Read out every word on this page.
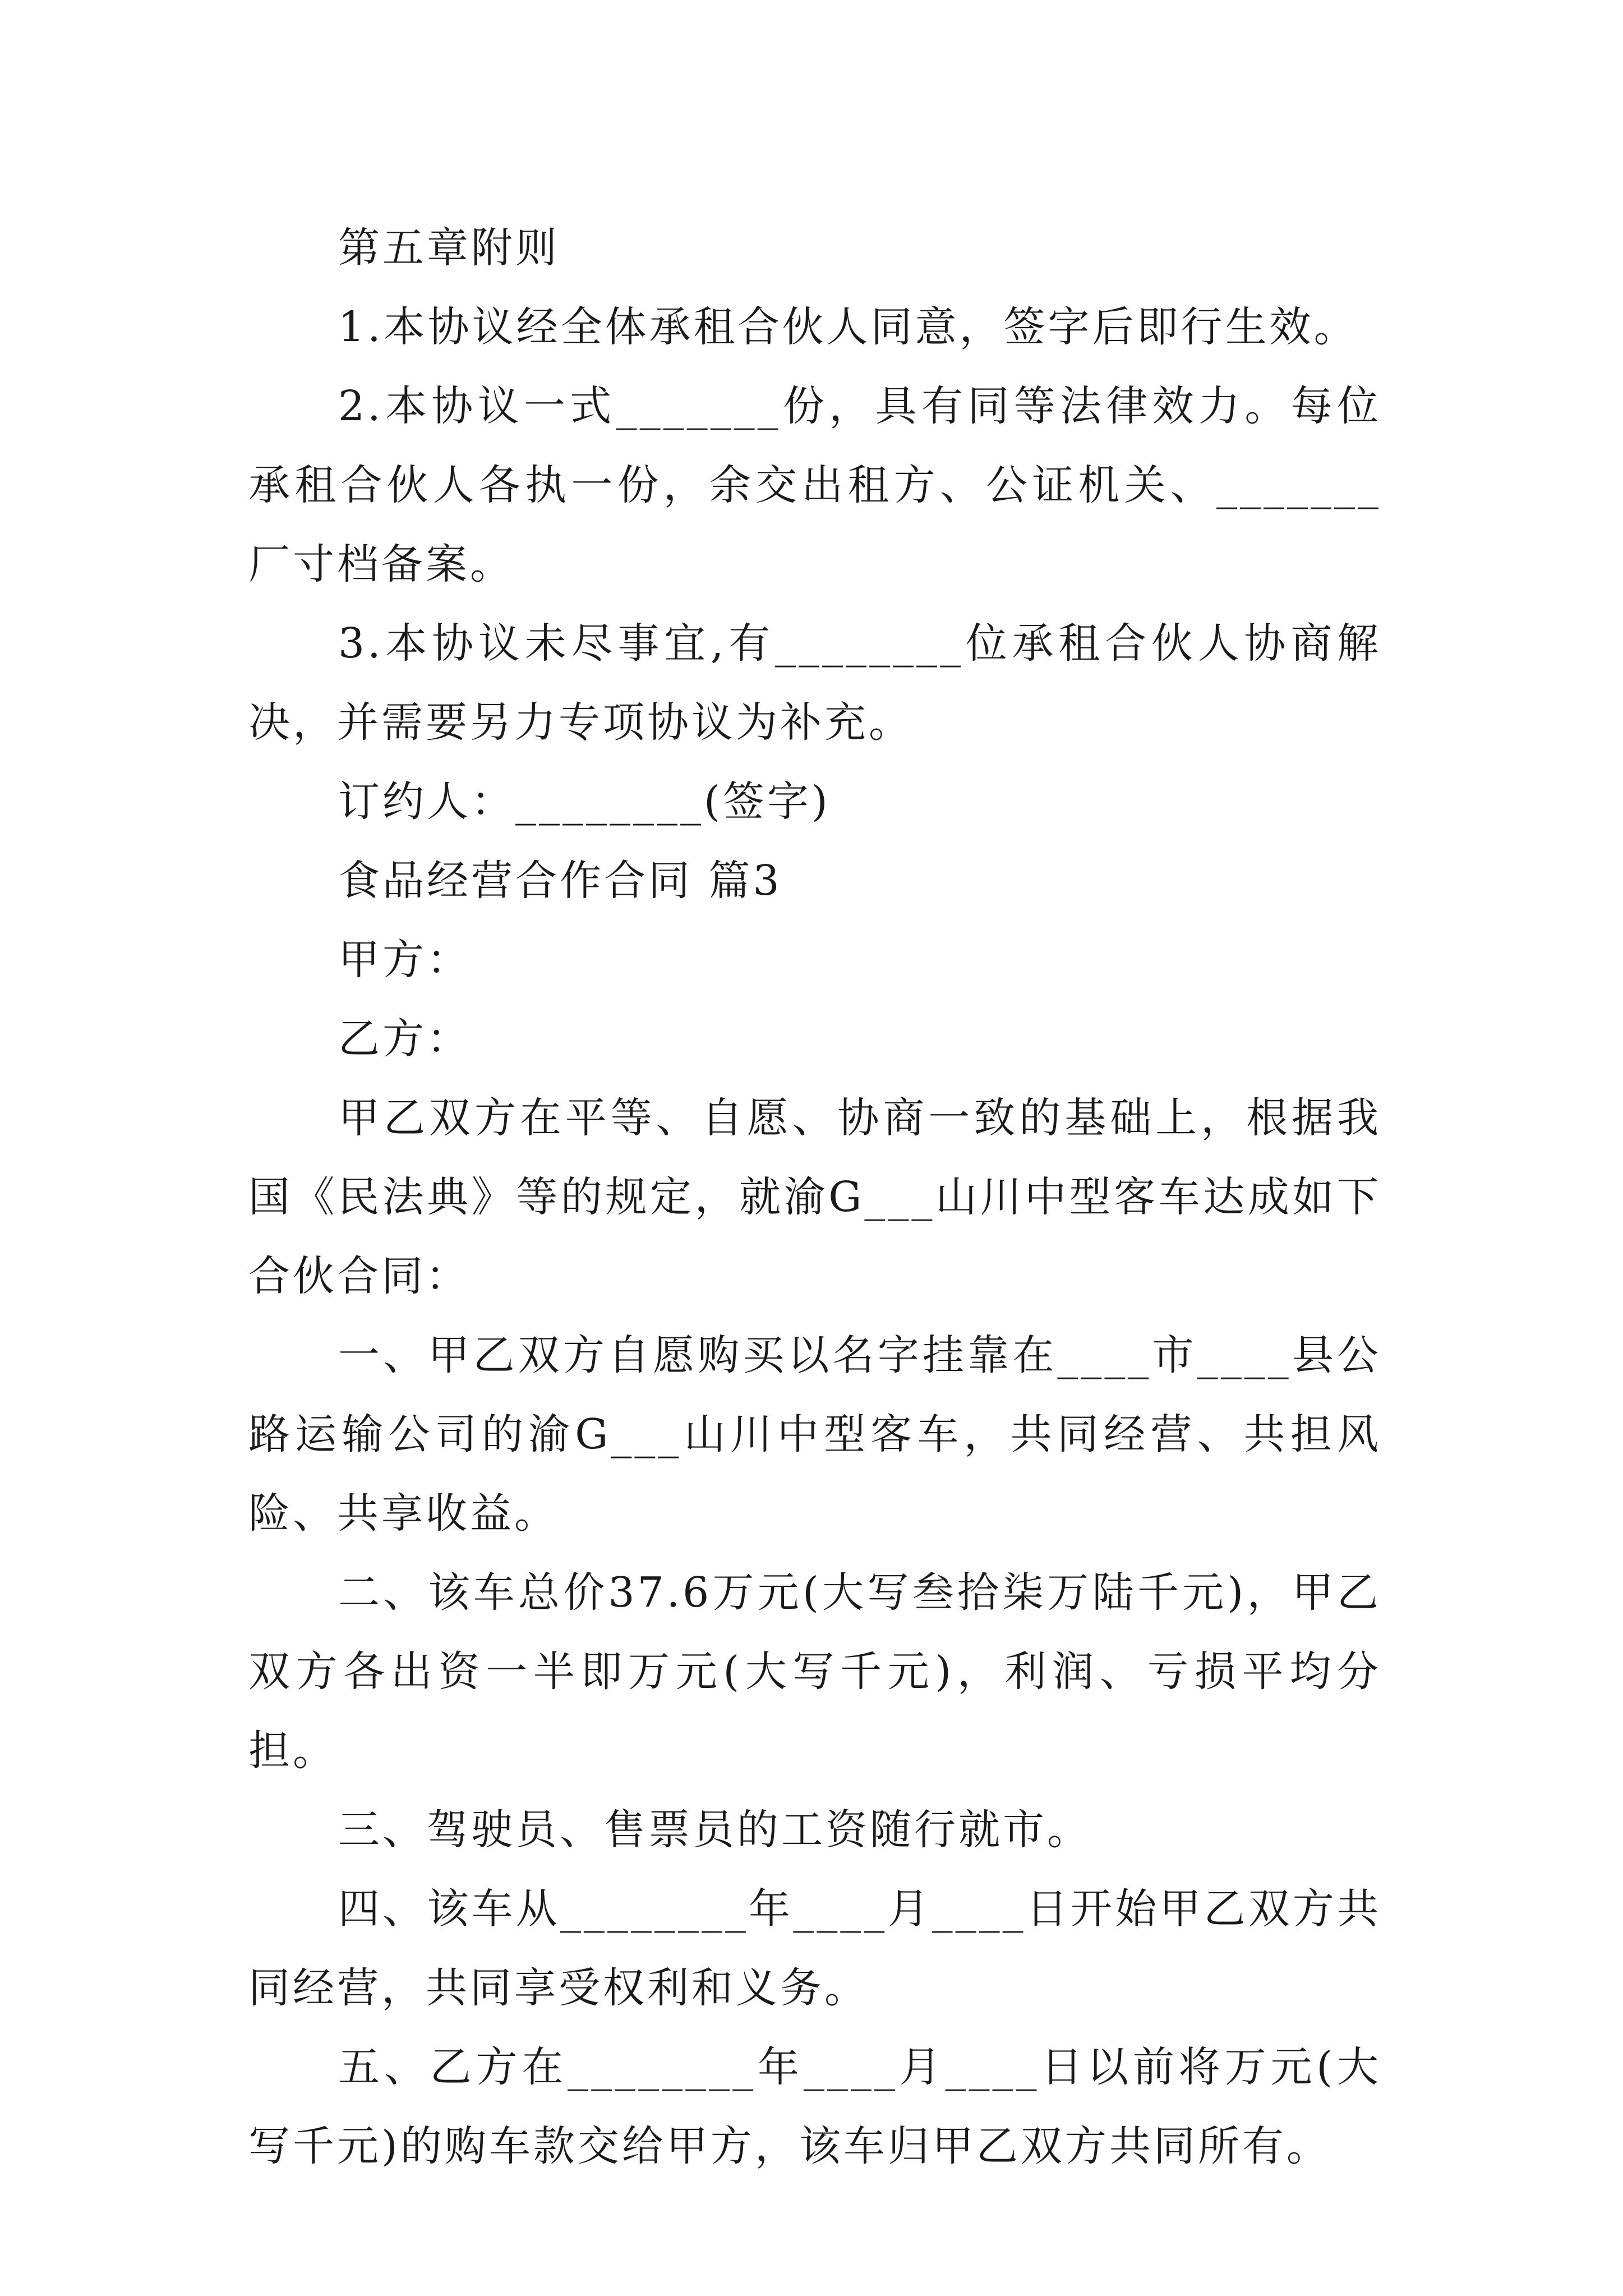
第五章附则

1.本协议经全体承租合伙人同意，签字后即行生效。

2.本协议一式_______份，具有同等法律效力。每位承租合伙人各执一份，余交出租方、公证机关、_______厂寸档备案。

3.本协议未尽事宜,有________位承租合伙人协商解决，并需要另力专项协议为补充。

订约人：________(签字)

食品经营合作合同 篇3

甲方：

乙方：

甲乙双方在平等、自愿、协商一致的基础上，根据我国《民法典》等的规定，就渝G___山川中型客车达成如下合伙合同：

一、甲乙双方自愿购买以名字挂靠在____市____县公路运输公司的渝G___山川中型客车，共同经营、共担风险、共享收益。

二、该车总价37.6万元(大写叁拾柒万陆千元)，甲乙双方各出资一半即万元(大写千元)，利润、亏损平均分担。

三、驾驶员、售票员的工资随行就市。

四、该车从________年____月____日开始甲乙双方共同经营，共同享受权利和义务。

五、乙方在________年____月____日以前将万元(大写千元)的购车款交给甲方，该车归甲乙双方共同所有。
